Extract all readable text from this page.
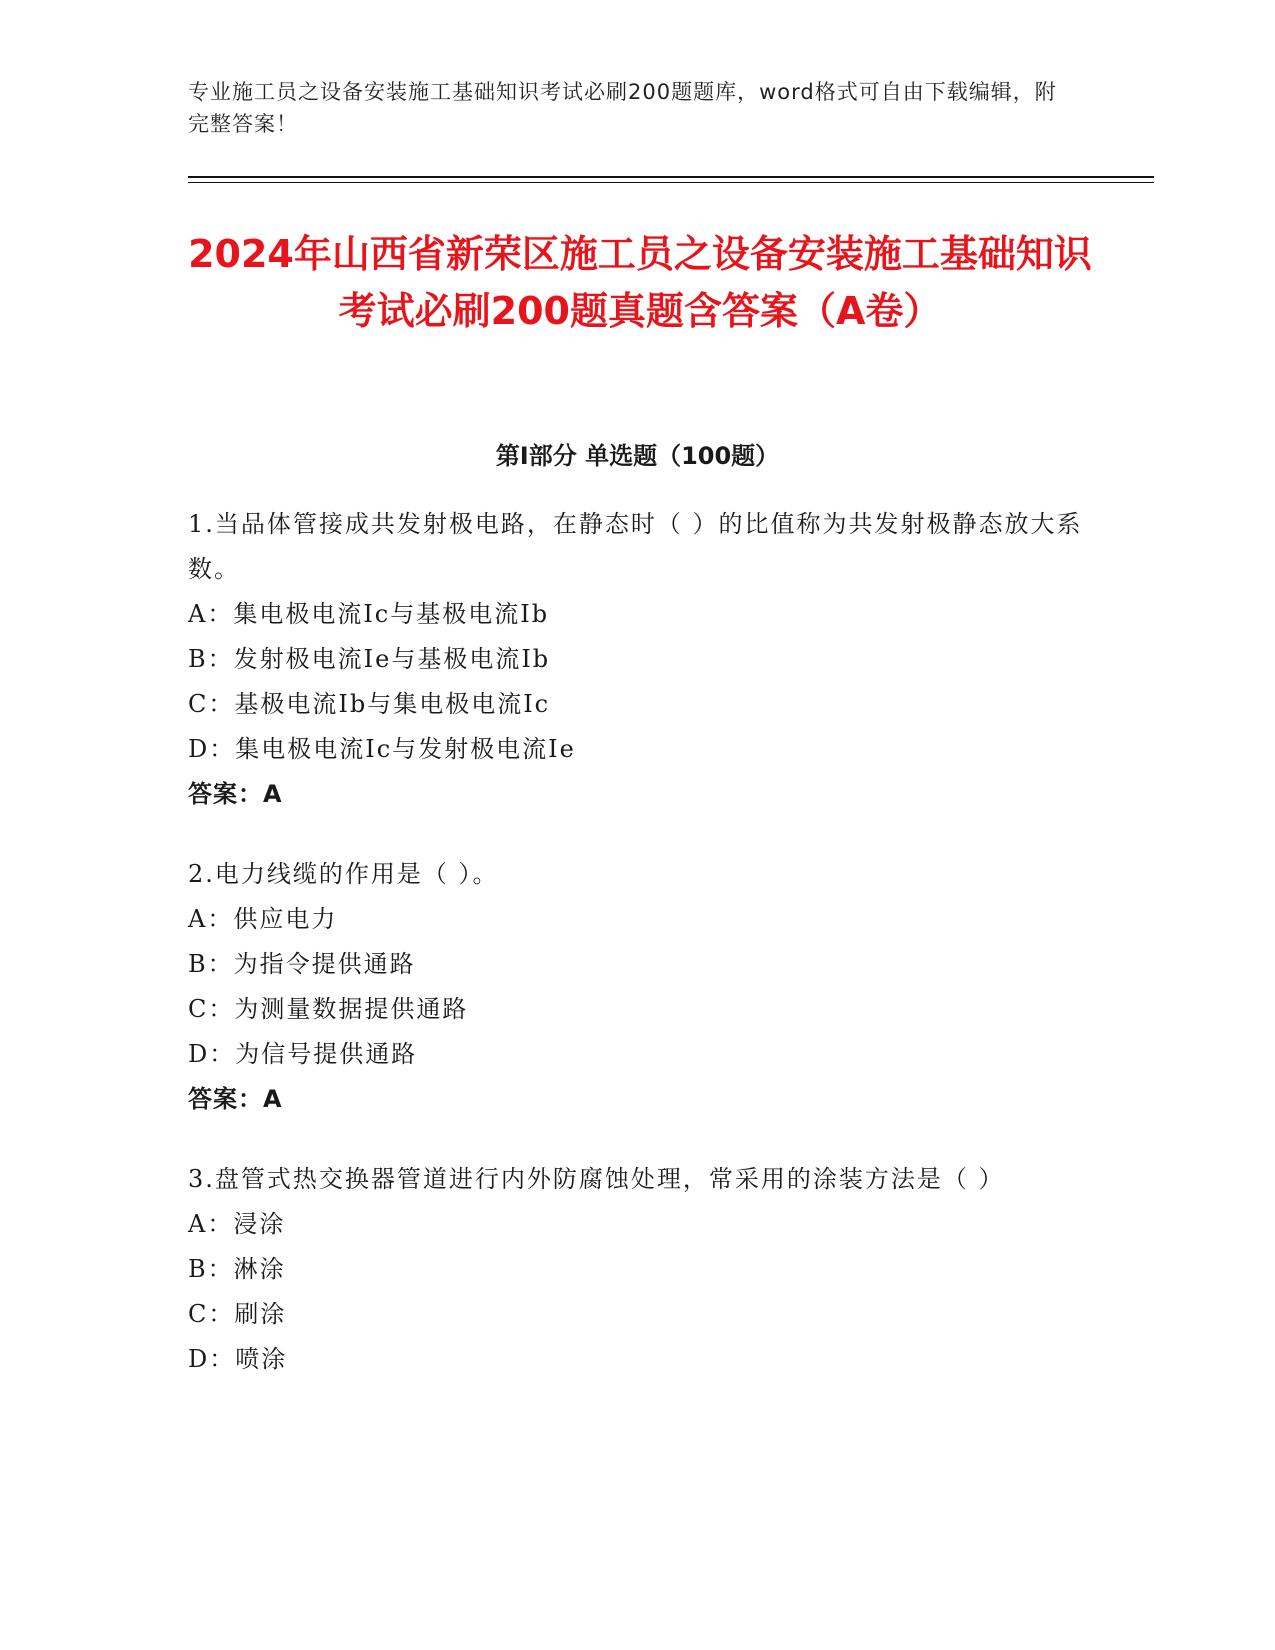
专业施工员之设备安装施工基础知识考试必刷200题题库，word格式可自由下载编辑，附完整答案！
2024年山西省新荣区施工员之设备安装施工基础知识考试必刷200题真题含答案（A卷）
第Ⅰ部分 单选题（100题）

1.当品体管接成共发射极电路，在静态时（ ）的比值称为共发射极静态放大系数。

A：集电极电流Ic与基极电流Ib

B：发射极电流Ie与基极电流Ib

C：基极电流Ib与集电极电流Ic

D：集电极电流Ic与发射极电流Ie

答案：A

2.电力线缆的作用是（ ）。

A：供应电力

B：为指令提供通路

C：为测量数据提供通路

D：为信号提供通路

答案：A

3.盘管式热交换器管道进行内外防腐蚀处理，常采用的涂装方法是（ ）

A：浸涂

B：淋涂

C：刷涂

D：喷涂
